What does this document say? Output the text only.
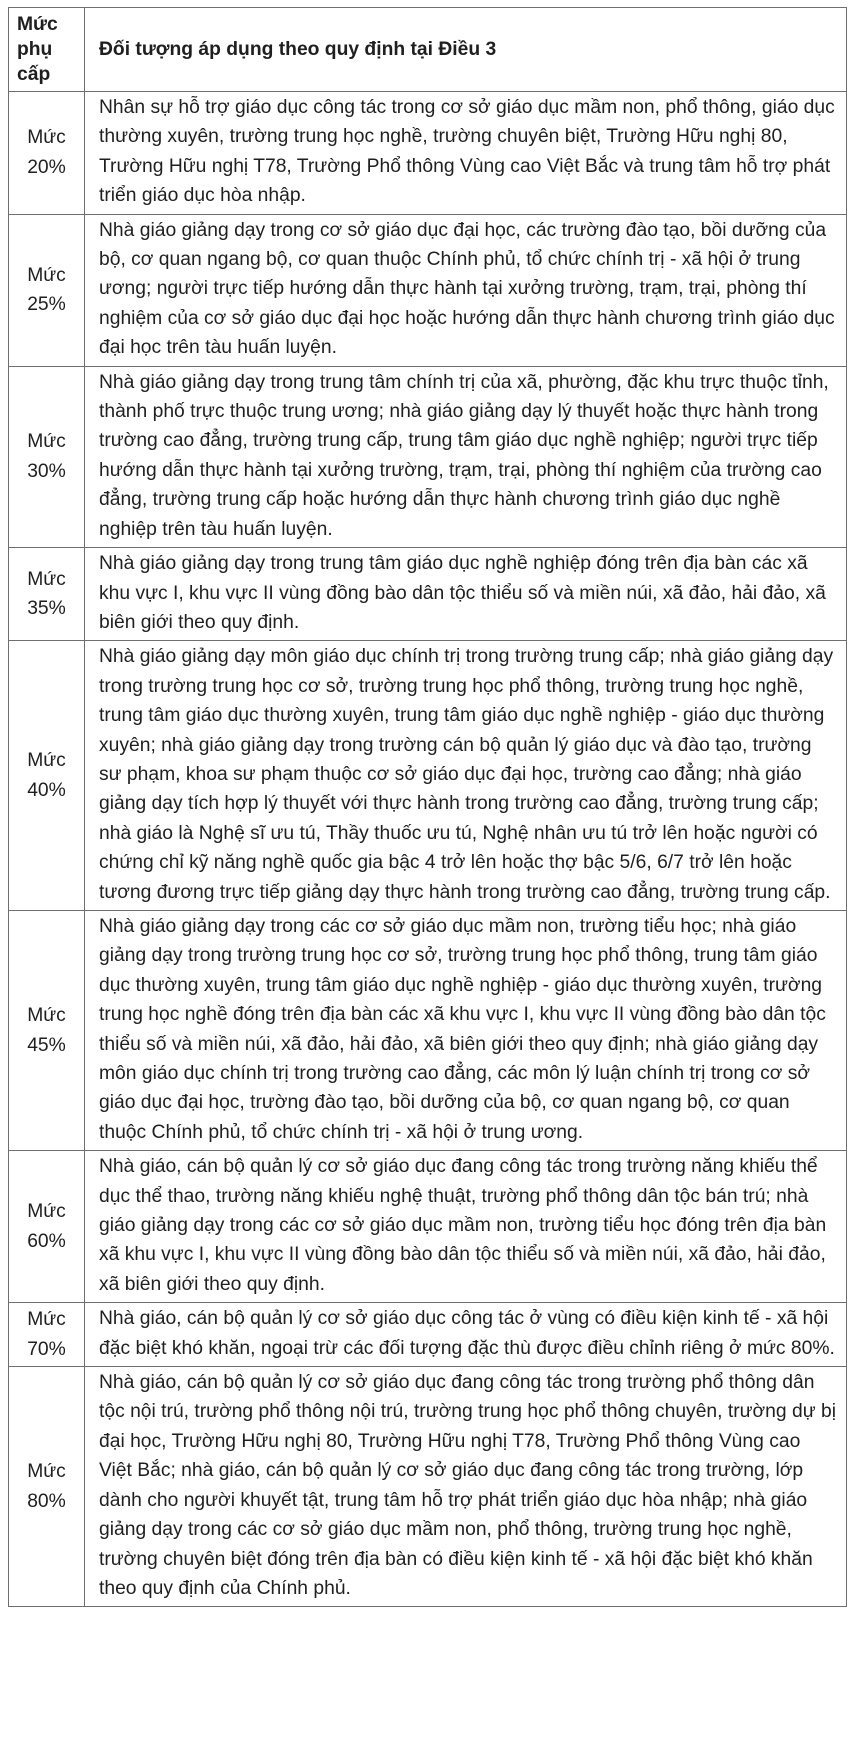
Mức
phụ
cấp	Đối tượng áp dụng theo quy định tại Điều 3

Mức
20%	Nhân sự hỗ trợ giáo dục công tác trong cơ sở giáo dục mầm non, phổ thông, giáo dục thường xuyên, trường trung học nghề, trường chuyên biệt, Trường Hữu nghị 80, Trường Hữu nghị T78, Trường Phổ thông Vùng cao Việt Bắc và trung tâm hỗ trợ phát triển giáo dục hòa nhập.

Mức
25%	Nhà giáo giảng dạy trong cơ sở giáo dục đại học, các trường đào tạo, bồi dưỡng của bộ, cơ quan ngang bộ, cơ quan thuộc Chính phủ, tổ chức chính trị - xã hội ở trung ương; người trực tiếp hướng dẫn thực hành tại xưởng trường, trạm, trại, phòng thí nghiệm của cơ sở giáo dục đại học hoặc hướng dẫn thực hành chương trình giáo dục đại học trên tàu huấn luyện.

Mức
30%	Nhà giáo giảng dạy trong trung tâm chính trị của xã, phường, đặc khu trực thuộc tỉnh, thành phố trực thuộc trung ương; nhà giáo giảng dạy lý thuyết hoặc thực hành trong trường cao đẳng, trường trung cấp, trung tâm giáo dục nghề nghiệp; người trực tiếp hướng dẫn thực hành tại xưởng trường, trạm, trại, phòng thí nghiệm của trường cao đẳng, trường trung cấp hoặc hướng dẫn thực hành chương trình giáo dục nghề nghiệp trên tàu huấn luyện.

Mức
35%	Nhà giáo giảng dạy trong trung tâm giáo dục nghề nghiệp đóng trên địa bàn các xã khu vực I, khu vực II vùng đồng bào dân tộc thiểu số và miền núi, xã đảo, hải đảo, xã biên giới theo quy định.

Mức
40%	Nhà giáo giảng dạy môn giáo dục chính trị trong trường trung cấp; nhà giáo giảng dạy trong trường trung học cơ sở, trường trung học phổ thông, trường trung học nghề, trung tâm giáo dục thường xuyên, trung tâm giáo dục nghề nghiệp - giáo dục thường xuyên; nhà giáo giảng dạy trong trường cán bộ quản lý giáo dục và đào tạo, trường sư phạm, khoa sư phạm thuộc cơ sở giáo dục đại học, trường cao đẳng; nhà giáo giảng dạy tích hợp lý thuyết với thực hành trong trường cao đẳng, trường trung cấp; nhà giáo là Nghệ sĩ ưu tú, Thầy thuốc ưu tú, Nghệ nhân ưu tú trở lên hoặc người có chứng chỉ kỹ năng nghề quốc gia bậc 4 trở lên hoặc thợ bậc 5/6, 6/7 trở lên hoặc tương đương trực tiếp giảng dạy thực hành trong trường cao đẳng, trường trung cấp.

Mức
45%	Nhà giáo giảng dạy trong các cơ sở giáo dục mầm non, trường tiểu học; nhà giáo giảng dạy trong trường trung học cơ sở, trường trung học phổ thông, trung tâm giáo dục thường xuyên, trung tâm giáo dục nghề nghiệp - giáo dục thường xuyên, trường trung học nghề đóng trên địa bàn các xã khu vực I, khu vực II vùng đồng bào dân tộc thiểu số và miền núi, xã đảo, hải đảo, xã biên giới theo quy định; nhà giáo giảng dạy môn giáo dục chính trị trong trường cao đẳng, các môn lý luận chính trị trong cơ sở giáo dục đại học, trường đào tạo, bồi dưỡng của bộ, cơ quan ngang bộ, cơ quan thuộc Chính phủ, tổ chức chính trị - xã hội ở trung ương.

Mức
60%	Nhà giáo, cán bộ quản lý cơ sở giáo dục đang công tác trong trường năng khiếu thể dục thể thao, trường năng khiếu nghệ thuật, trường phổ thông dân tộc bán trú; nhà giáo giảng dạy trong các cơ sở giáo dục mầm non, trường tiểu học đóng trên địa bàn xã khu vực I, khu vực II vùng đồng bào dân tộc thiểu số và miền núi, xã đảo, hải đảo, xã biên giới theo quy định.

Mức
70%	Nhà giáo, cán bộ quản lý cơ sở giáo dục công tác ở vùng có điều kiện kinh tế - xã hội đặc biệt khó khăn, ngoại trừ các đối tượng đặc thù được điều chỉnh riêng ở mức 80%.

Mức
80%	Nhà giáo, cán bộ quản lý cơ sở giáo dục đang công tác trong trường phổ thông dân tộc nội trú, trường phổ thông nội trú, trường trung học phổ thông chuyên, trường dự bị đại học, Trường Hữu nghị 80, Trường Hữu nghị T78, Trường Phổ thông Vùng cao Việt Bắc; nhà giáo, cán bộ quản lý cơ sở giáo dục đang công tác trong trường, lớp dành cho người khuyết tật, trung tâm hỗ trợ phát triển giáo dục hòa nhập; nhà giáo giảng dạy trong các cơ sở giáo dục mầm non, phổ thông, trường trung học nghề, trường chuyên biệt đóng trên địa bàn có điều kiện kinh tế - xã hội đặc biệt khó khăn theo quy định của Chính phủ.
